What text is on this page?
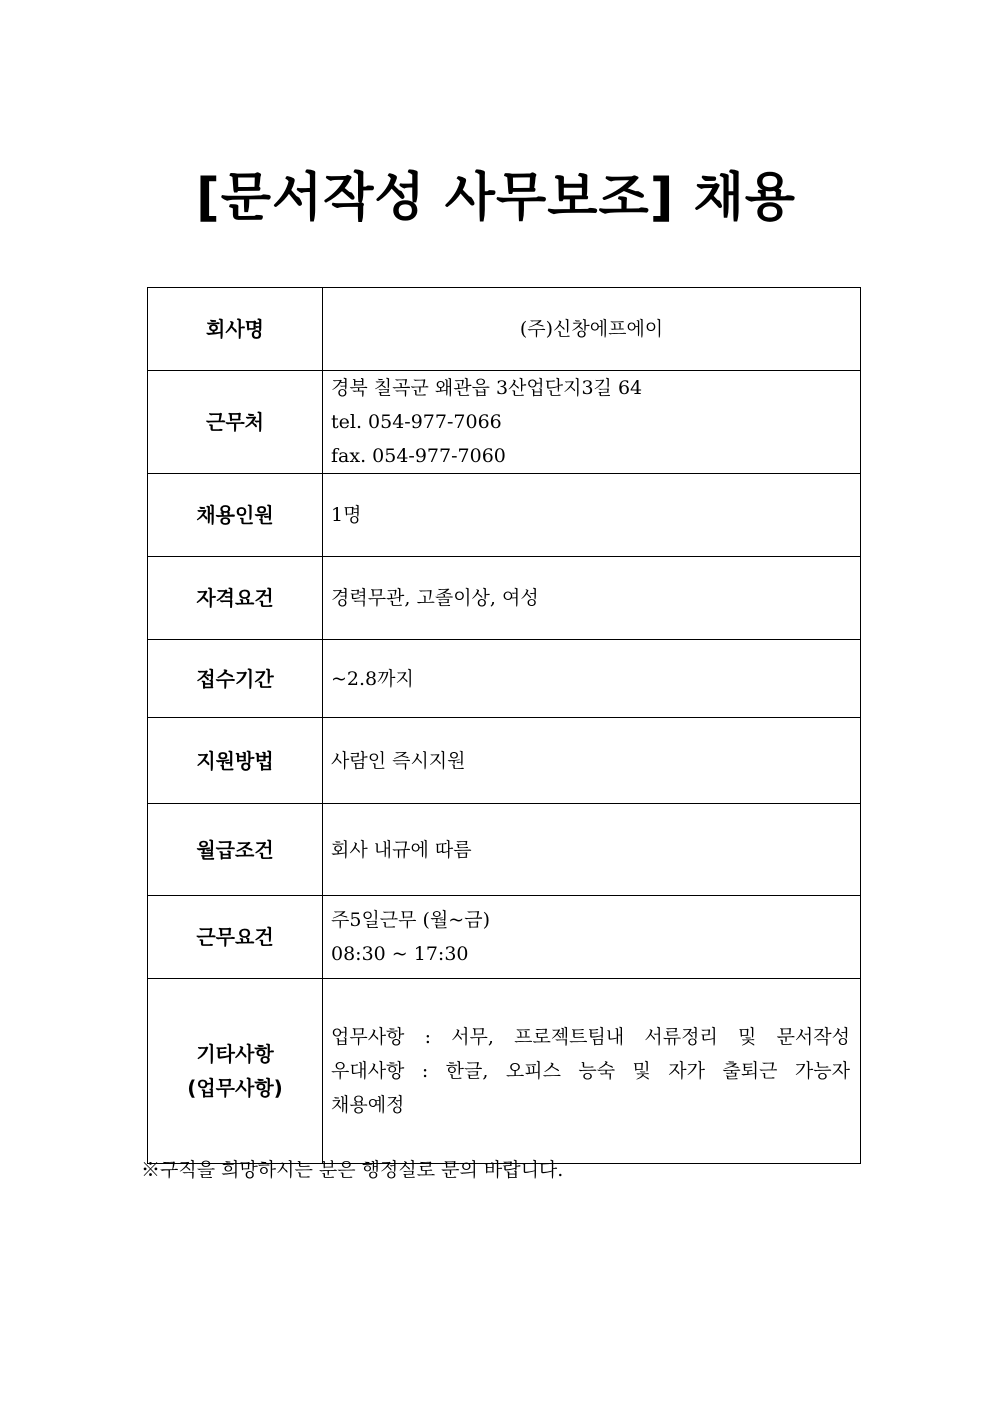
[문서작성 사무보조] 채용
회사명	(주)신창에프에이

근무처	경북 칠곡군 왜관읍 3산업단지3길 64
tel. 054-977-7066
fax. 054-977-7060

채용인원	1명

자격요건	경력무관, 고졸이상, 여성

접수기간	~2.8까지

지원방법	사람인 즉시지원

월급조건	회사 내규에 따름

근무요건	주5일근무 (월~금)
08:30 ~ 17:30

기타사항
(업무사항)	업무사항 : 서무, 프로젝트팀내 서류정리 및 문서작성
우대사항 : 한글, 오피스 능숙 및 자가 출퇴근 가능자
채용예정
※구직을 희망하시는 분은 행정실로 문의 바랍니다.
